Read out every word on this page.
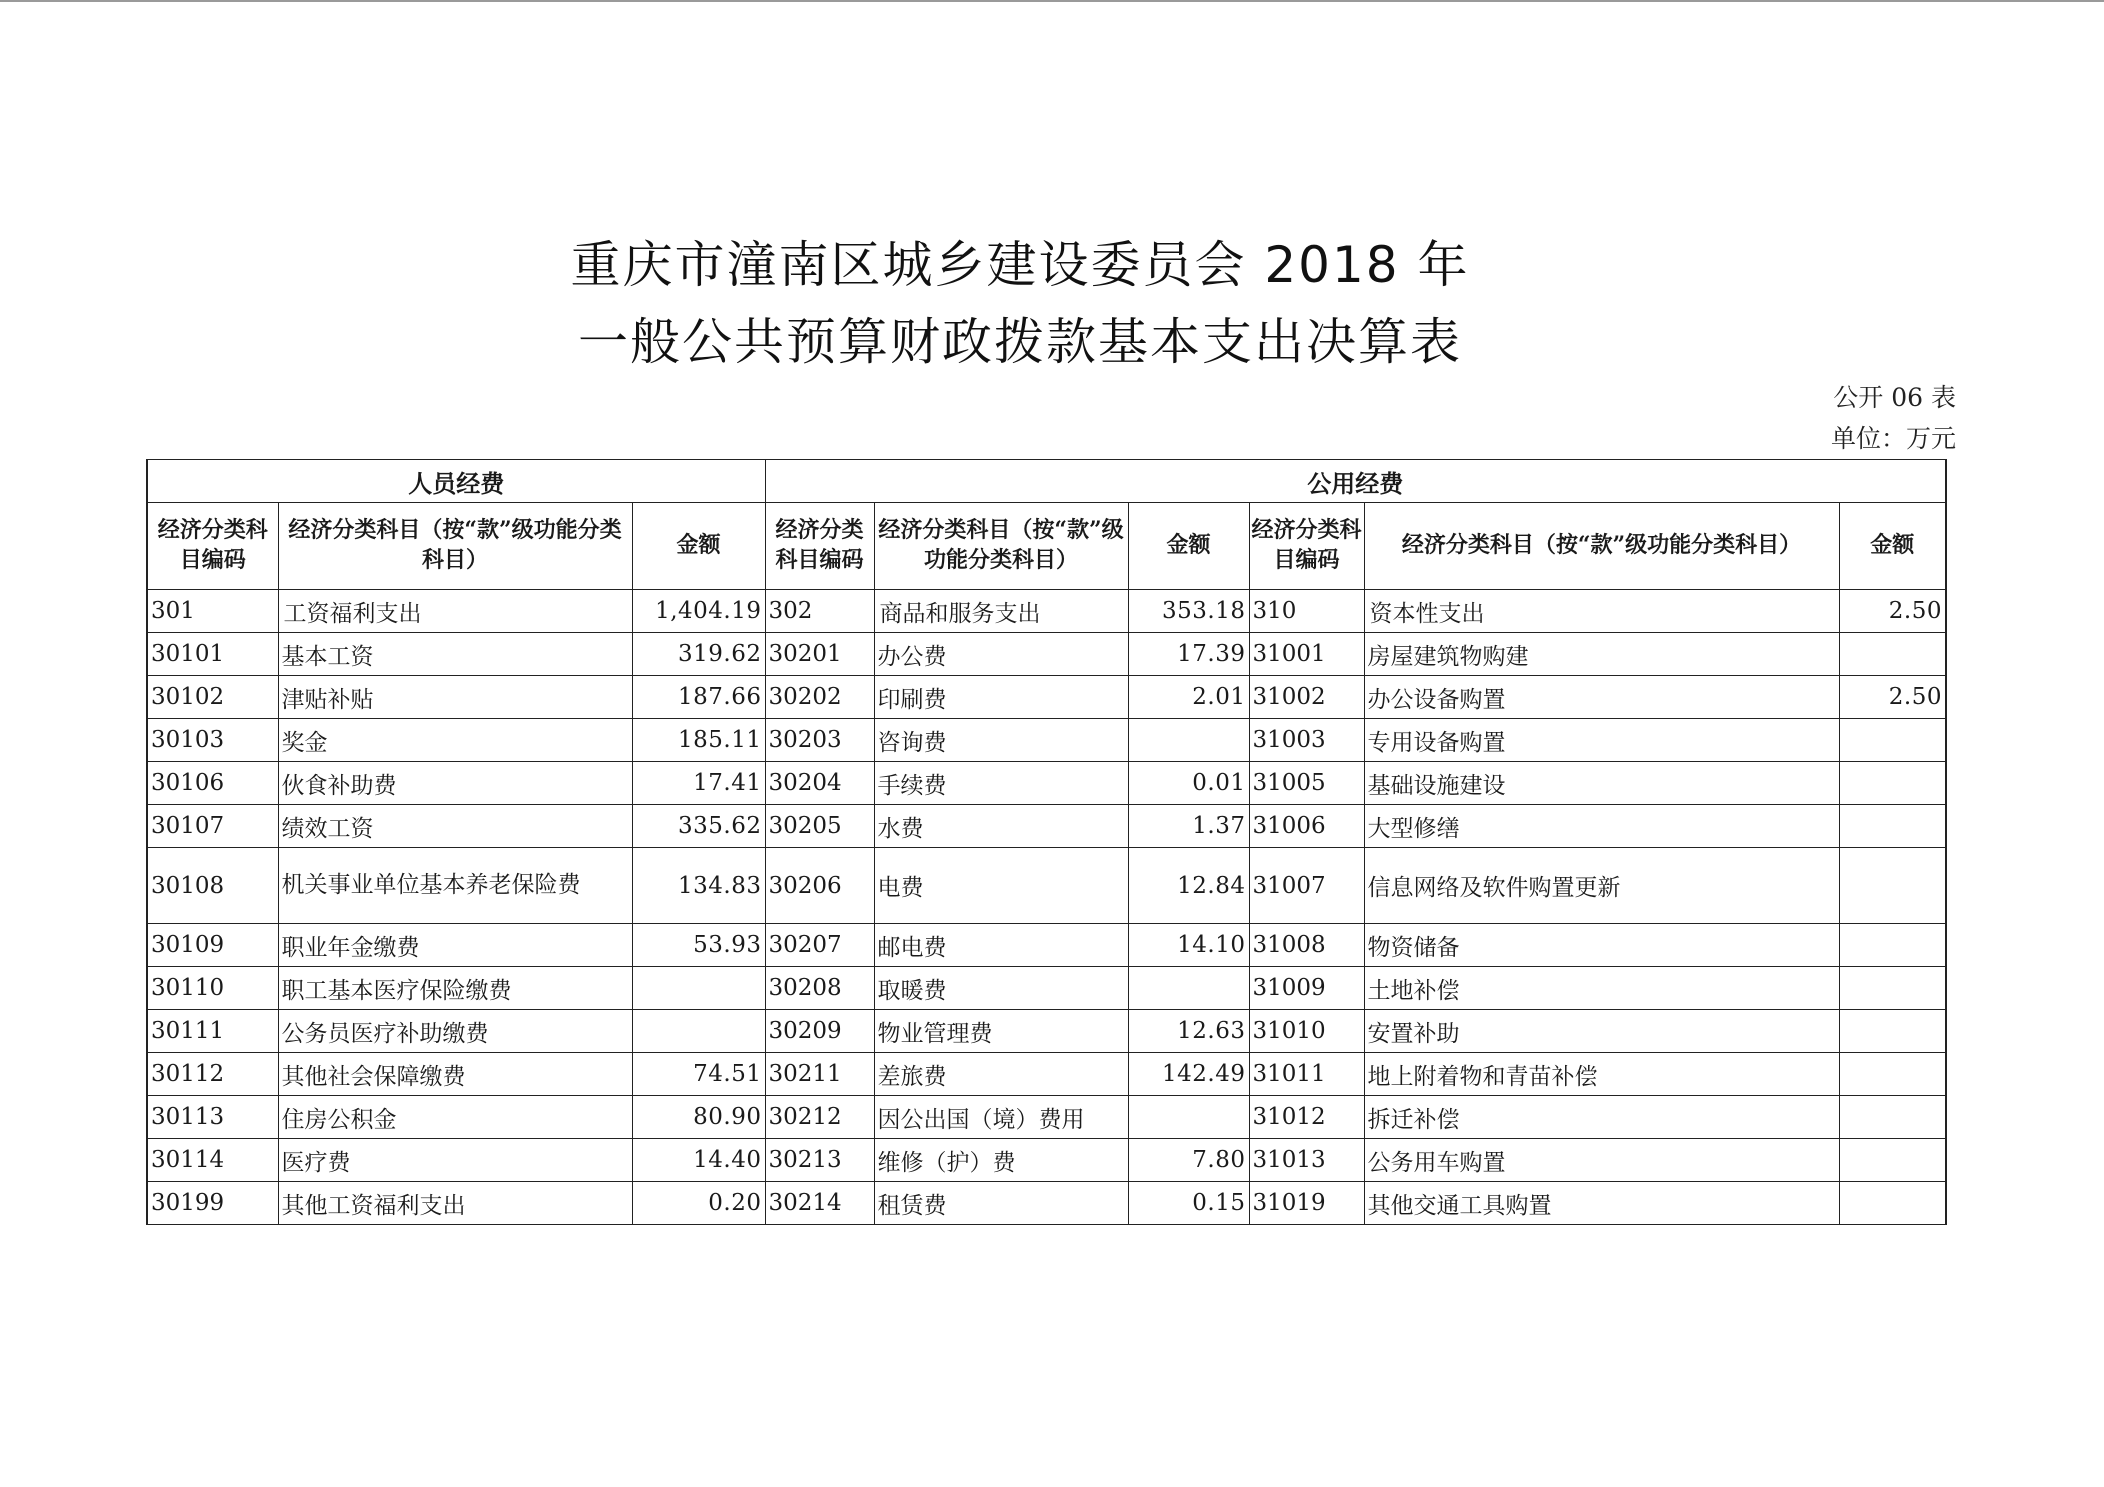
重庆市潼南区城乡建设委员会 2018 年
一般公共预算财政拨款基本支出决算表
公开 06 表
单位：万元
人员经费			公用经费					
经济分类科目编码	经济分类科目（按“款”级功能分类科目）	金额	经济分类科目编码	经济分类科目（按“款”级功能分类科目）	金额	经济分类科目编码	经济分类科目（按“款”级功能分类科目）	金额
301	工资福利支出	1,404.19	302	商品和服务支出	353.18	310	资本性支出	2.50
30101	基本工资	319.62	30201	办公费	17.39	31001	房屋建筑物购建	
30102	津贴补贴	187.66	30202	印刷费	2.01	31002	办公设备购置	2.50
30103	奖金	185.11	30203	咨询费		31003	专用设备购置	
30106	伙食补助费	17.41	30204	手续费	0.01	31005	基础设施建设	
30107	绩效工资	335.62	30205	水费	1.37	31006	大型修缮	
30108	机关事业单位基本养老保险费	134.83	30206	电费	12.84	31007	信息网络及软件购置更新	
30109	职业年金缴费	53.93	30207	邮电费	14.10	31008	物资储备	
30110	职工基本医疗保险缴费		30208	取暖费		31009	土地补偿	
30111	公务员医疗补助缴费		30209	物业管理费	12.63	31010	安置补助	
30112	其他社会保障缴费	74.51	30211	差旅费	142.49	31011	地上附着物和青苗补偿	
30113	住房公积金	80.90	30212	因公出国（境）费用		31012	拆迁补偿	
30114	医疗费	14.40	30213	维修（护）费	7.80	31013	公务用车购置	
30199	其他工资福利支出	0.20	30214	租赁费	0.15	31019	其他交通工具购置	
